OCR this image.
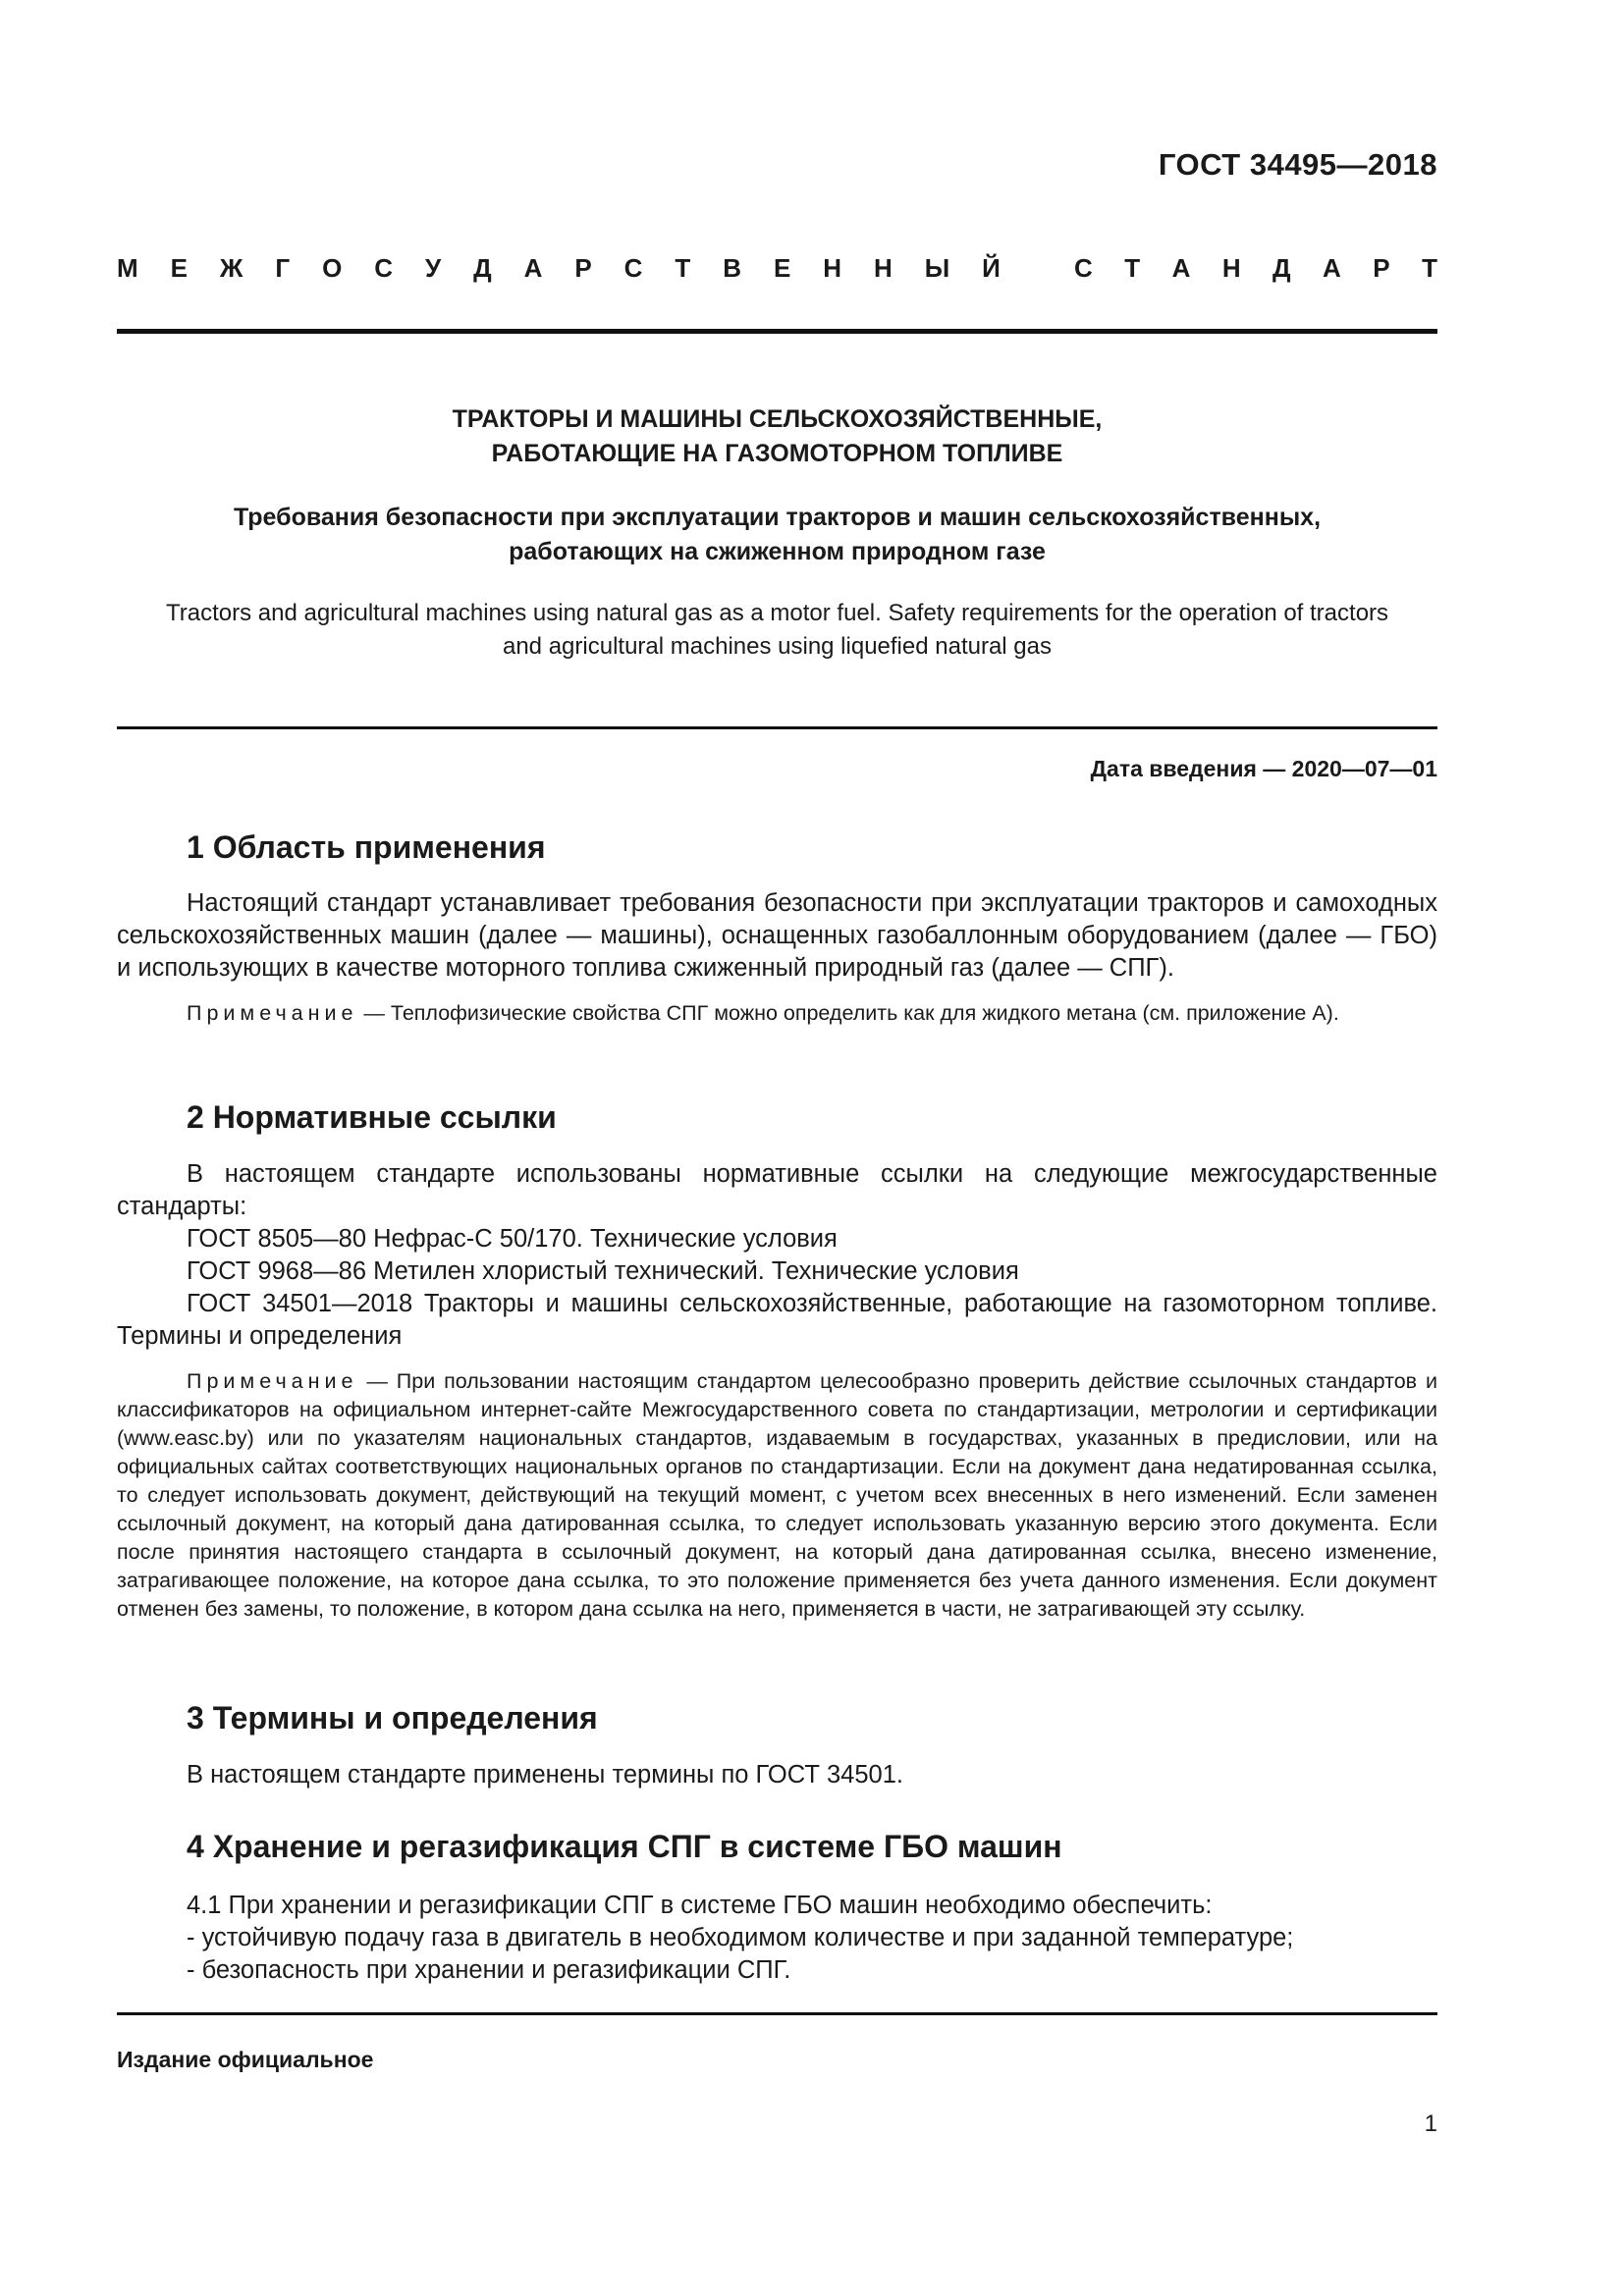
ГОСТ 34495—2018
М Е Ж Г О С У Д А Р С Т В Е Н Н Ы Й	С Т А Н Д А Р Т
ТРАКТОРЫ И МАШИНЫ СЕЛЬСКОХОЗЯЙСТВЕННЫЕ,
РАБОТАЮЩИЕ НА ГАЗОМОТОРНОМ ТОПЛИВЕ
Требования безопасности при эксплуатации тракторов и машин сельскохозяйственных,
работающих на сжиженном природном газе
Tractors and agricultural machines using natural gas as a motor fuel. Safety requirements for the operation of tractors
and agricultural machines using liquefied natural gas
Дата введения — 2020—07—01
1 Область применения

Настоящий стандарт устанавливает требования безопасности при эксплуатации тракторов и самоходных сельскохозяйственных машин (далее — машины), оснащенных газобаллонным оборудованием (далее — ГБО) и использующих в качестве моторного топлива сжиженный природный газ (далее — СПГ).

Примечание — Теплофизические свойства СПГ можно определить как для жидкого метана (см. приложение А).

2 Нормативные ссылки

В настоящем стандарте использованы нормативные ссылки на следующие межгосударственные стандарты:

ГОСТ 8505—80 Нефрас-С 50/170. Технические условия

ГОСТ 9968—86 Метилен хлористый технический. Технические условия

ГОСТ 34501—2018 Тракторы и машины сельскохозяйственные, работающие на газомоторном топливе. Термины и определения

Примечание — При пользовании настоящим стандартом целесообразно проверить действие ссылочных стандартов и классификаторов на официальном интернет-сайте Межгосударственного совета по стандартизации, метрологии и сертификации (www.easc.by) или по указателям национальных стандартов, издаваемым в государствах, указанных в предисловии, или на официальных сайтах соответствующих национальных органов по стандартизации. Если на документ дана недатированная ссылка, то следует использовать документ, действующий на текущий момент, с учетом всех внесенных в него изменений. Если заменен ссылочный документ, на который дана датированная ссылка, то следует использовать указанную версию этого документа. Если после принятия настоящего стандарта в ссылочный документ, на который дана датированная ссылка, внесено изменение, затрагивающее положение, на которое дана ссылка, то это положение применяется без учета данного изменения. Если документ отменен без замены, то положение, в котором дана ссылка на него, применяется в части, не затрагивающей эту ссылку.

3 Термины и определения

В настоящем стандарте применены термины по ГОСТ 34501.

4 Хранение и регазификация СПГ в системе ГБО машин
4.1 При хранении и регазификации СПГ в системе ГБО машин необходимо обеспечить:
- устойчивую подачу газа в двигатель в необходимом количестве и при заданной температуре;
- безопасность при хранении и регазификации СПГ.
Издание официальное
1
